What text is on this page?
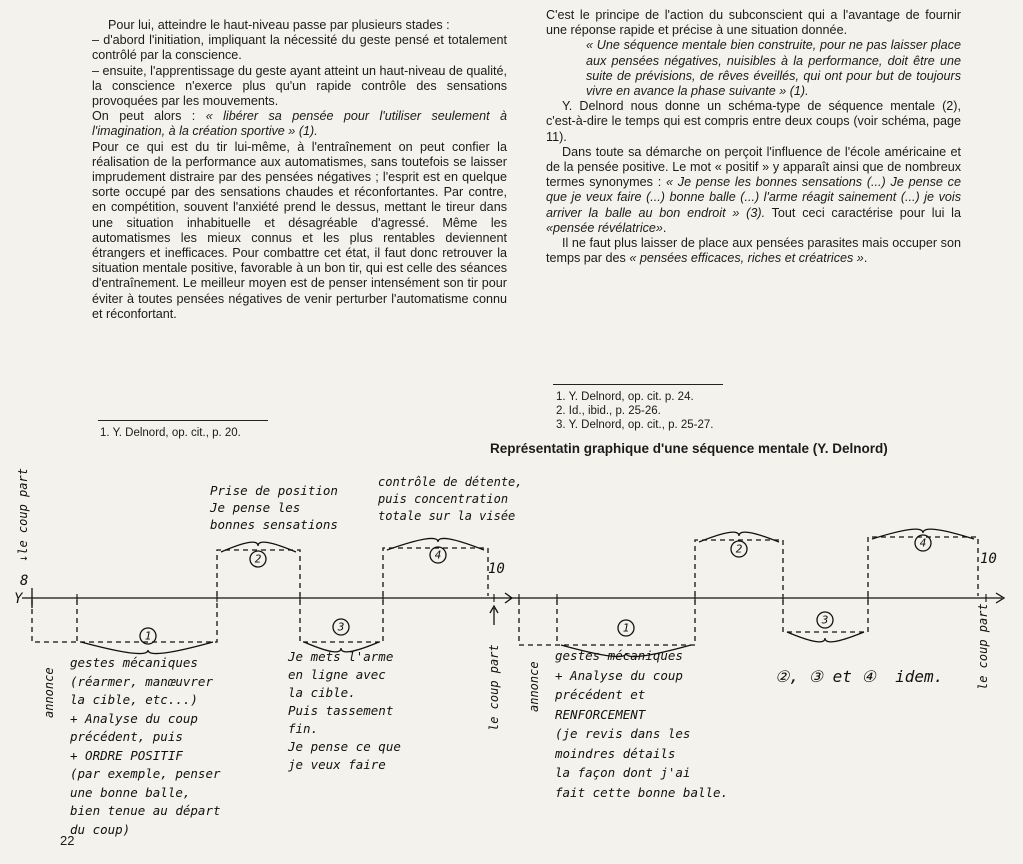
Pour lui, atteindre le haut-niveau passe par plusieurs stades :

– d'abord l'initiation, impliquant la nécessité du geste pensé et totalement contrôlé par la conscience.

– ensuite, l'apprentissage du geste ayant atteint un haut-niveau de qualité, la conscience n'exerce plus qu'un rapide contrôle des sensations provoquées par les mouvements.

On peut alors : « libérer sa pensée pour l'utiliser seulement à l'imagination, à la création sportive » (1).

Pour ce qui est du tir lui-même, à l'entraînement on peut confier la réalisation de la performance aux automatismes, sans toutefois se laisser imprudement distraire par des pensées négatives ; l'esprit est en quelque sorte occupé par des sensations chaudes et réconfortantes. Par contre, en compétition, souvent l'anxiété prend le dessus, mettant le tireur dans une situation inhabituelle et désagréable d'agressé. Même les automatismes les mieux connus et les plus rentables deviennent étrangers et inefficaces. Pour combattre cet état, il faut donc retrouver la situation mentale positive, favorable à un bon tir, qui est celle des séances d'entraînement. Le meilleur moyen est de penser intensément son tir pour éviter à toutes pensées négatives de venir perturber l'automatisme connu et réconfortant.

1. Y. Delnord, op. cit., p. 20.

C'est le principe de l'action du subconscient qui a l'avantage de fournir une réponse rapide et précise à une situation donnée.

« Une séquence mentale bien construite, pour ne pas laisser place aux pensées négatives, nuisibles à la performance, doit être une suite de prévisions, de rêves éveillés, qui ont pour but de toujours vivre en avance la phase suivante » (1).

Y. Delnord nous donne un schéma-type de séquence mentale (2), c'est-à-dire le temps qui est compris entre deux coups (voir schéma, page 11).

Dans toute sa démarche on perçoit l'influence de l'école américaine et de la pensée positive. Le mot « positif » y apparaît ainsi que de nombreux termes synonymes : « Je pense les bonnes sensations (...) Je pense ce que je veux faire (...) bonne balle (...) l'arme réagit sainement (...) je vois arriver la balle au bon endroit » (3). Tout ceci caractérise pour lui la «pensée révélatrice».

Il ne faut plus laisser de place aux pensées parasites mais occuper son temps par des « pensées efficaces, riches et créatrices ».

1. Y. Delnord, op. cit. p. 24.

2. Id., ibid., p. 25-26.

3. Y. Delnord, op. cit., p. 25-27.

Représentatin graphique d'une séquence mentale (Y. Delnord)
2	4	2	4
1
3	1
3
Y
8
10
10
↓le coup part
annonce	le coup part annonce	le coup part
Prise de position
Je pense les
bonnes sensations
contrôle de détente,
puis concentration
totale sur la visée
gestes mécaniques
(réarmer, manœuvrer
la cible, etc...)
+ Analyse du coup
précédent, puis
+ ORDRE POSITIF
(par exemple, penser
une bonne balle,
bien tenue au départ
du coup)
Je mets l'arme
en ligne avec
la cible.
Puis tassement
fin.
Je pense ce que
je veux faire
gestes mécaniques
+ Analyse du coup
précédent et
RENFORCEMENT
(je revis dans les
moindres détails
la façon dont j'ai
fait cette bonne balle.
②, ③ et ④  idem.
22
